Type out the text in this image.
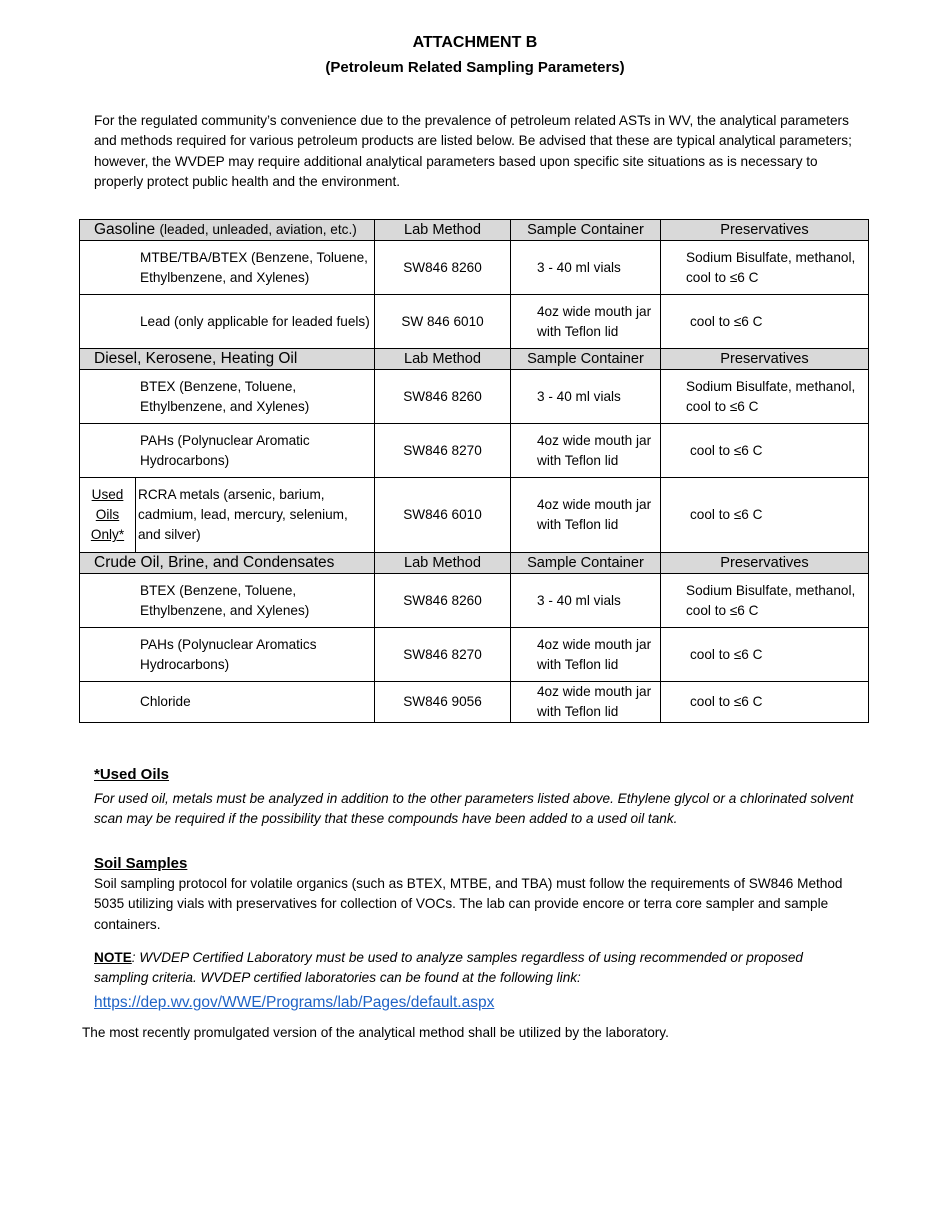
ATTACHMENT B
(Petroleum Related Sampling Parameters)

For the regulated community’s convenience due to the prevalence of petroleum related ASTs in WV, the analytical parameters and methods required for various petroleum products are listed below. Be advised that these are typical analytical parameters; however, the WVDEP may require additional analytical parameters based upon specific site situations as is necessary to properly protect public health and the environment.

Gasoline (leaded, unleaded, aviation, etc.)		Lab Method	Sample Container	Preservatives
MTBE/TBA/BTEX (Benzene, Toluene, Ethylbenzene, and Xylenes)		SW846 8260	3 - 40 ml vials	Sodium Bisulfate, methanol, cool to ≤6 C
Lead (only applicable for leaded fuels)		SW 846 6010	4oz wide mouth jar with Teflon lid	cool to ≤6 C
Diesel, Kerosene, Heating Oil		Lab Method	Sample Container	Preservatives
BTEX (Benzene, Toluene, Ethylbenzene, and Xylenes)		SW846 8260	3 - 40 ml vials	Sodium Bisulfate, methanol, cool to ≤6 C
PAHs (Polynuclear Aromatic Hydrocarbons)		SW846 8270	4oz wide mouth jar with Teflon lid	cool to ≤6 C

Used Oils Only*	RCRA metals (arsenic, barium, cadmium, lead, mercury, selenium, and silver)	SW846 6010	4oz wide mouth jar with Teflon lid	cool to ≤6 C
Crude Oil, Brine, and Condensates		Lab Method	Sample Container	Preservatives
BTEX (Benzene, Toluene, Ethylbenzene, and Xylenes)		SW846 8260	3 - 40 ml vials	Sodium Bisulfate, methanol, cool to ≤6 C
PAHs (Polynuclear Aromatics Hydrocarbons)		SW846 8270	4oz wide mouth jar with Teflon lid	cool to ≤6 C
Chloride		SW846 9056	4oz wide mouth jar with Teflon lid	cool to ≤6 C
*Used Oils

For used oil, metals must be analyzed in addition to the other parameters listed above. Ethylene glycol or a chlorinated solvent scan may be required if the possibility that these compounds have been added to a used oil tank.

Soil Samples

Soil sampling protocol for volatile organics (such as BTEX, MTBE, and TBA) must follow the requirements of SW846 Method 5035 utilizing vials with preservatives for collection of VOCs. The lab can provide encore or terra core sampler and sample containers.

NOTE: WVDEP Certified Laboratory must be used to analyze samples regardless of using recommended or proposed sampling criteria. WVDEP certified laboratories can be found at the following link:

https://dep.wv.gov/WWE/Programs/lab/Pages/default.aspx
The most recently promulgated version of the analytical method shall be utilized by the laboratory.
